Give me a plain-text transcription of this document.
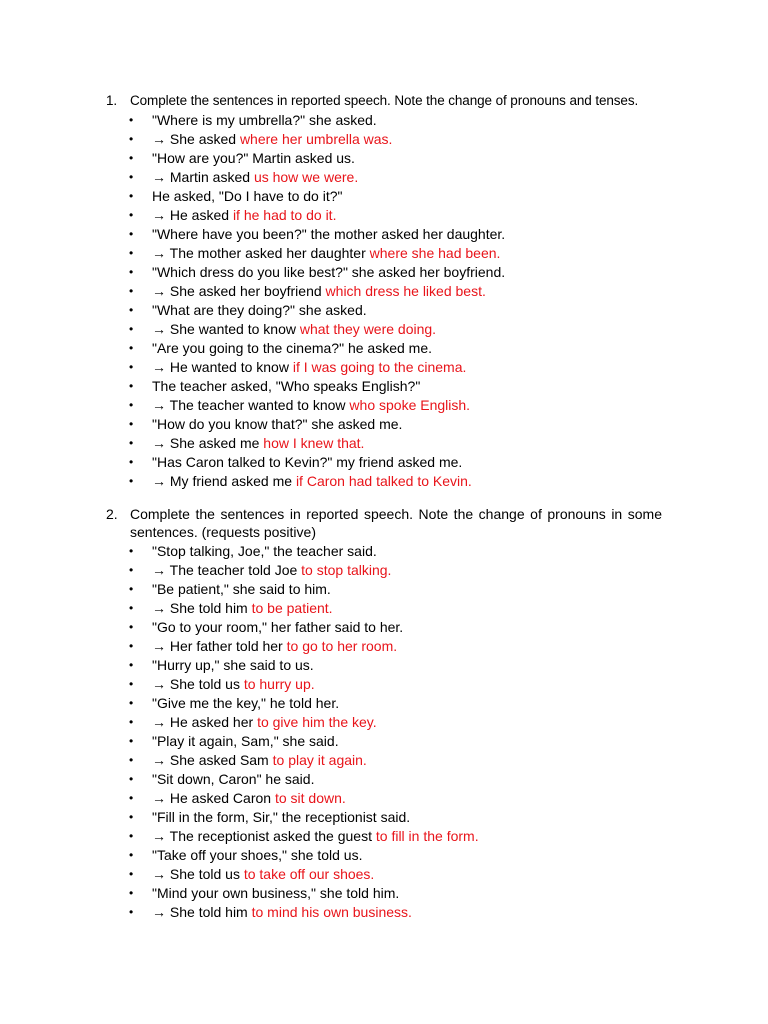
1. Complete the sentences in reported speech. Note the change of pronouns and tenses.
• "Where is my umbrella?" she asked.
• → She asked where her umbrella was.
• "How are you?" Martin asked us.
• → Martin asked us how we were.
• He asked, "Do I have to do it?"
• → He asked if he had to do it.
• "Where have you been?" the mother asked her daughter.
• → The mother asked her daughter where she had been.
• "Which dress do you like best?" she asked her boyfriend.
• → She asked her boyfriend which dress he liked best.
• "What are they doing?" she asked.
• → She wanted to know what they were doing.
• "Are you going to the cinema?" he asked me.
• → He wanted to know if I was going to the cinema.
• The teacher asked, "Who speaks English?"
• → The teacher wanted to know who spoke English.
• "How do you know that?" she asked me.
• → She asked me how I knew that.
• "Has Caron talked to Kevin?" my friend asked me.
• → My friend asked me if Caron had talked to Kevin.
2. Complete the sentences in reported speech. Note the change of pronouns in some sentences. (requests positive)
• "Stop talking, Joe," the teacher said.
• → The teacher told Joe to stop talking.
• "Be patient," she said to him.
• → She told him to be patient.
• "Go to your room," her father said to her.
• → Her father told her to go to her room.
• "Hurry up," she said to us.
• → She told us to hurry up.
• "Give me the key," he told her.
• → He asked her to give him the key.
• "Play it again, Sam," she said.
• → She asked Sam to play it again.
• "Sit down, Caron" he said.
• → He asked Caron to sit down.
• "Fill in the form, Sir," the receptionist said.
• → The receptionist asked the guest to fill in the form.
• "Take off your shoes," she told us.
• → She told us to take off our shoes.
• "Mind your own business," she told him.
• → She told him to mind his own business.
